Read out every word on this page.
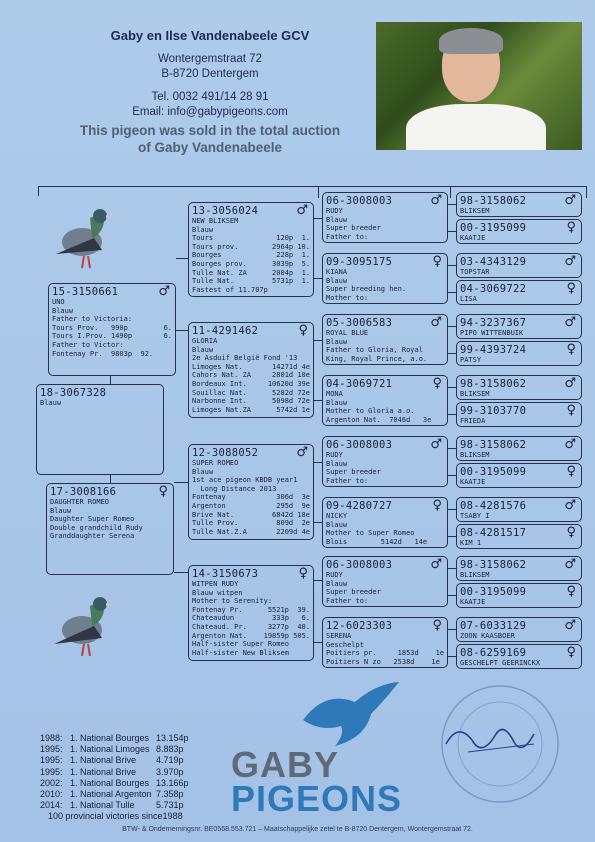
Gaby en Ilse Vandenabeele GCV
Wontergemstraat 72
B-8720 Dentergem
Tel. 0032 491/14 28 91
Email: info@gabypigeons.com
This pigeon was sold in the total auction
of Gaby Vandenabeele
18-3067328
Blauw
15-3150661	♂
UNO
Blauw
Father to Victoria:
Tours Prov.   990p	6.
Tours I.Prov. 1490p	6.
Father to Victor:
Fontenay Pr.  9803p  92.
17-3008166	♀
DAUGHTER ROMEO
Blauw
Daughter Super Romeo
Double grandchild Rudy
Granddaughter Serena
13-3056024	♂
NEW BLIKSEM
Blauw
Tours	120p 1.
Tours prov.	2964p 10.
Bourges	228p 1.
Bourges prov.	3039p 5.
Tulle Nat. ZA	2004p 1.
Tulle Nat.	5731p 1.
Fastest of 11.707p
11-4291462	♀
GLORIA
Blauw
2e Asduif België Fond '13
Limoges Nat.	14271d 4e
Cahors Nat. ZA	2801d 10e
Bordeaux Int.	10620d 39e
Souillac Nat.	5282d 72e
Narbonne Int.	5098d 72e
Limoges Nat.ZA	5742d 1e
12-3088052	♂
SUPER ROMEO
Blauw
1st ace pigeon KBDB year1
Long Distance 2013
Fontenay	306d 3e
Argenton	295d 9e
Brive Nat.	6842d 18e
Tulle Prov.	809d 2e
Tulle Nat.Z.A	2209d 4e
14-3150673	♀
WITPEN RUDY
Blauw witpen
Mother to Serenity:
Fontenay Pr.	5521p 39.
Chateaudun	333p 6.
Chateaud. Pr.	3277p 40.
Argenton Nat. 19859p 505.
Half-sister Super Romeo
Half-sister New Bliksem
06-3008003	♂
RUDY
Blauw
Super breeder
Father to:
09-3095175	♀
KIANA
Blauw
Super breeding hen.
Mother to:
05-3006583	♂
ROYAL BLUE
Blauw
Father to Gloria, Royal
King, Royal Prince, a.o.
04-3069721	♀
MONA
Blauw
Mother to Gloria a.o.
Argenton Nat.  7046d   3e
06-3008003	♂
RUDY
Blauw
Super breeder
Father to:
09-4280727	♀
NICKY
Blauw
Mother to Super Romeo
Blois        5142d   14e
06-3008003	♂
RUDY
Blauw
Super breeder
Father to:
12-6023303	♀
SERENA
Geschelpt
Poitiers pr.     1853d    1e
Poitiers N zo   2538d    1e
98-3158062	♂
BLIKSEM
00-3195099	♀
KAATJE
03-4343129	♂
TOPSTAR
04-3069722	♀
LISA
94-3237367	♂
PIPO WITTENBUIK
99-4393724	♀
PATSY
98-3158062	♂
BLIKSEM
99-3103770	♀
FRIEDA
98-3158062	♂
BLIKSEM
00-3195099	♀
KAATJE
08-4281576	♂
TSABY I
08-4281517	♀
KIM 1
98-3158062	♂
BLIKSEM
00-3195099	♀
KAATJE
07-6033129	♂
ZOON KAASBOER
08-6259169	♀
GESCHELPT GEERINCKX
1988: 1. National Bourges 13.154p
1995: 1. National Limoges 8.883p
1995: 1. National Brive	4.719p
1995: 1. National Brive	3.970p
2002: 1. National Bourges 13.166p
2010: 1. National Argenton 7.358p
2014: 1. National Tulle	5.731p
100 provincial victories since1988
GABY
PIGEONS
BTW- & Ondernemingsnr. BE0568.553.721 – Maatschappelijke zetel te B-8720 Dentergem, Wontergemstraat 72.
